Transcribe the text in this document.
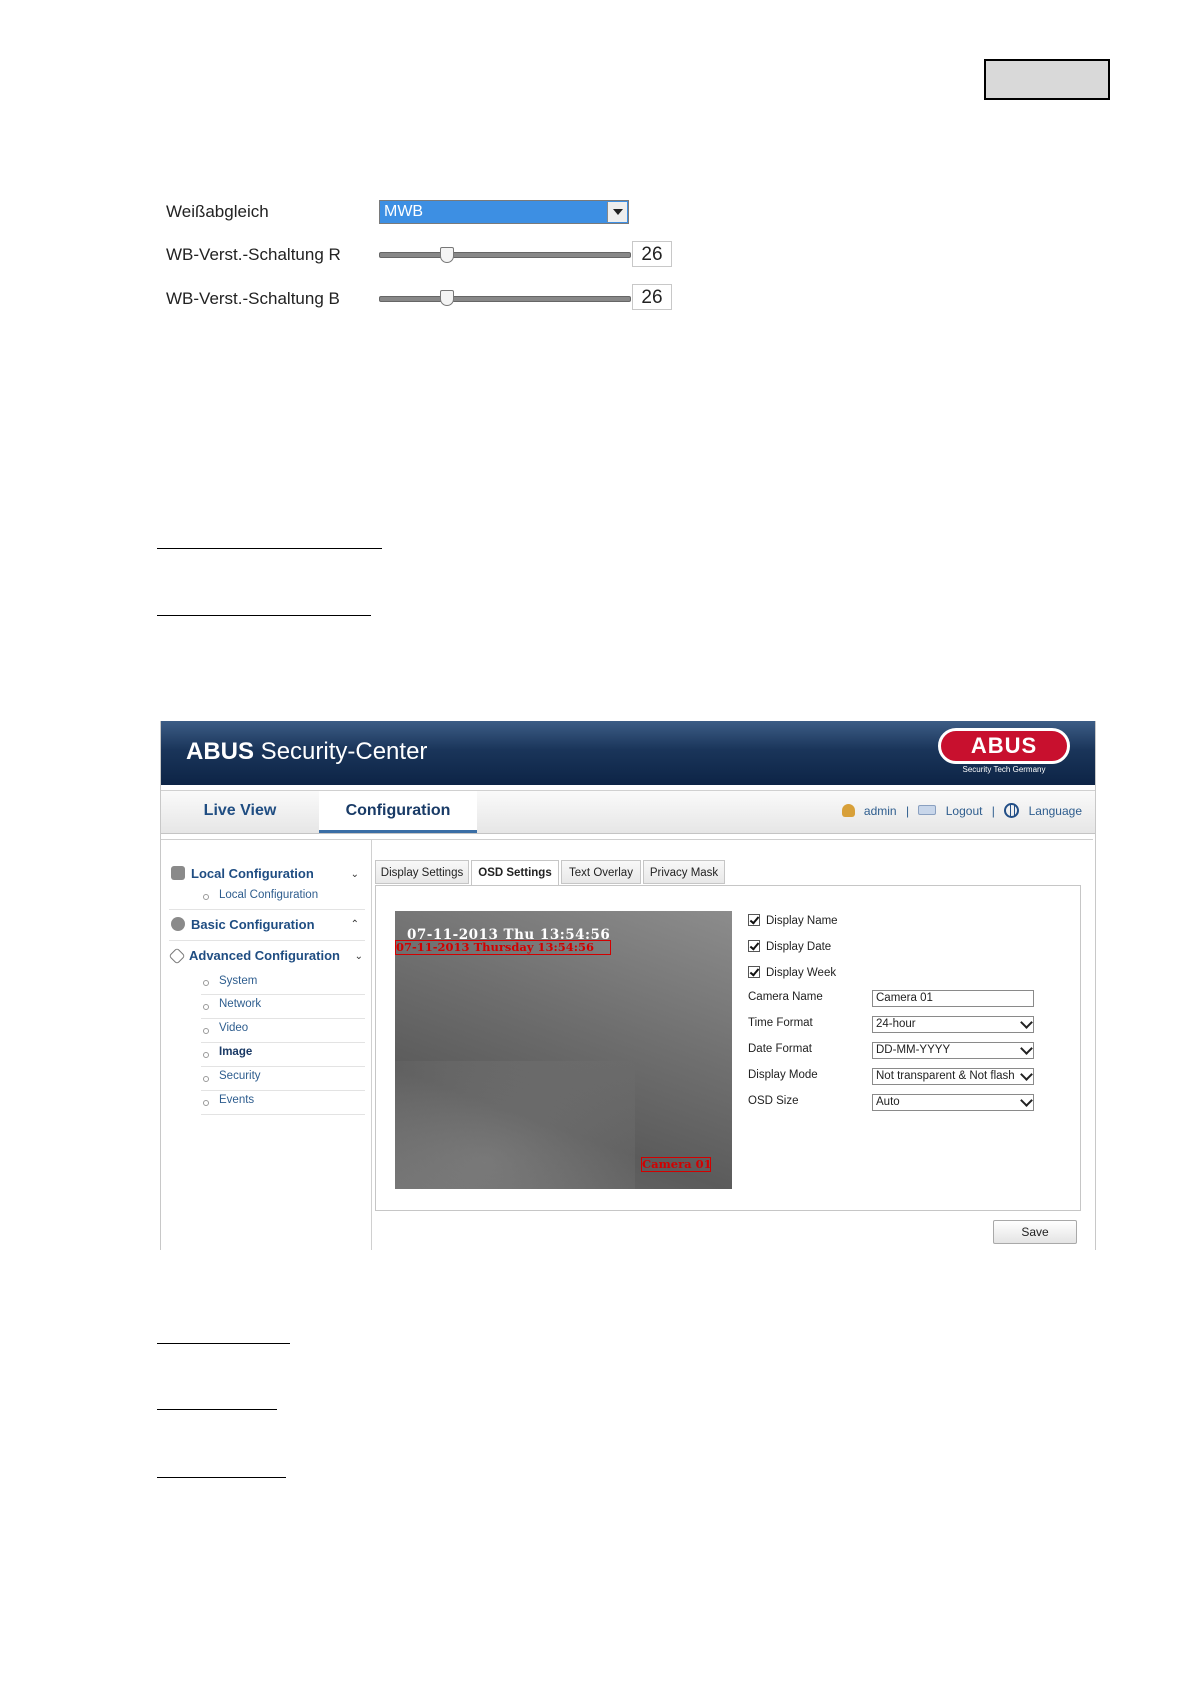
Weißabgleich	MWB
WB-Verst.-Schaltung R	26
WB-Verst.-Schaltung B	26
ABUS Security-Center	ABUS
Security Tech Germany
Live View	Configuration	admin |	Logout |	Language
Local Configuration	⌄
Local Configuration
Basic Configuration	⌃
Advanced Configuration ⌄
System
Network
Video
Image
Security
Events
Display Settings	OSD Settings	Text Overlay	Privacy Mask
07-11-2013 Thu 13:54:56
07-11-2013 Thursday 13:54:56
Camera 01
Display Name
Display Date
Display Week
Camera Name	Camera 01
Time Format	24-hour
Date Format	DD-MM-YYYY
Display Mode	Not transparent & Not flash
OSD Size	Auto
Save
